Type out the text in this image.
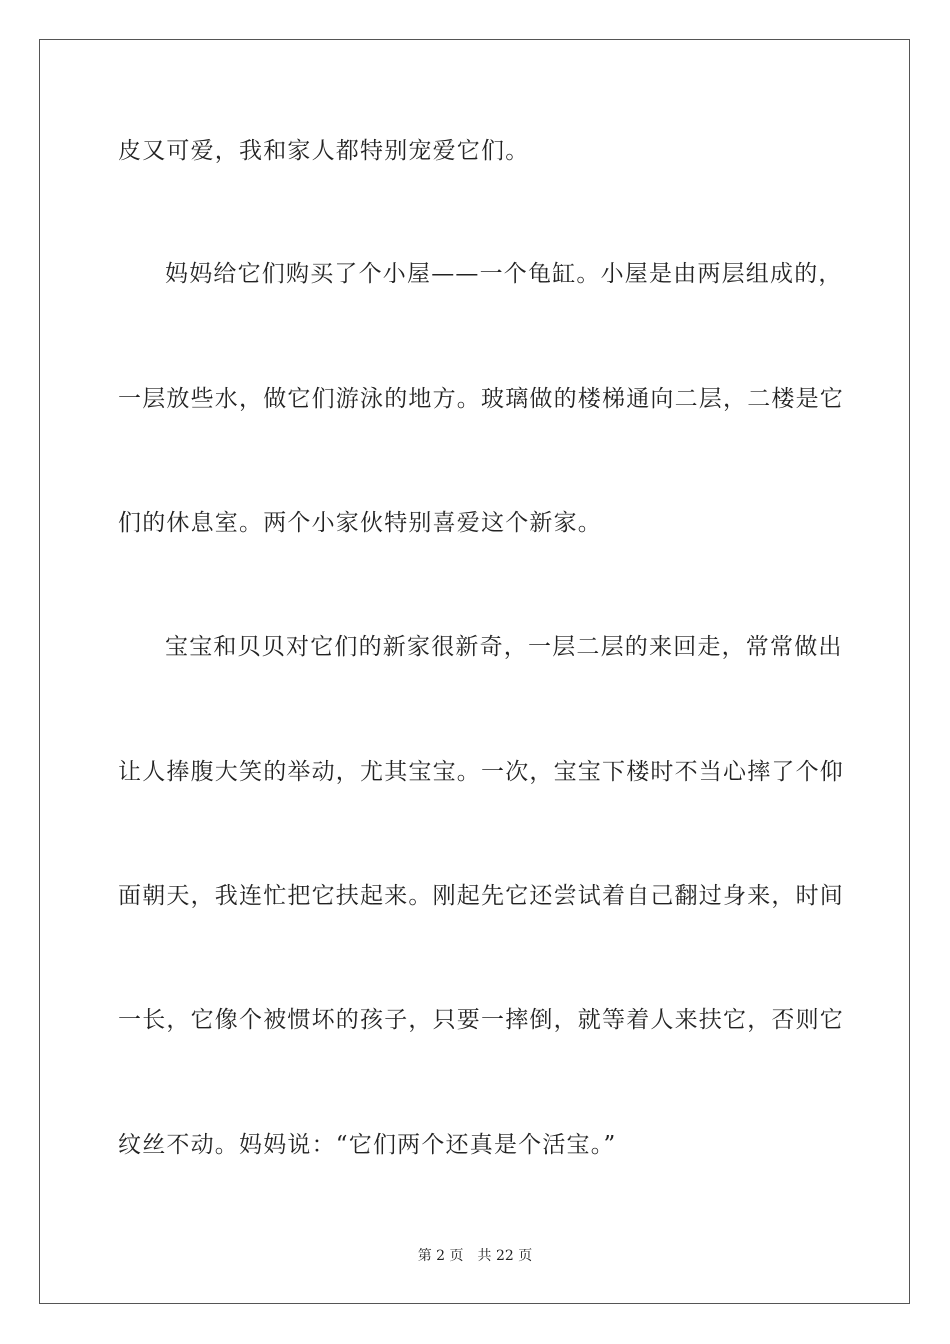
皮又可爱，我和家人都特别宠爱它们。
妈妈给它们购买了个小屋——一个龟缸。小屋是由两层组成的，
一层放些水，做它们游泳的地方。玻璃做的楼梯通向二层，二楼是它
们的休息室。两个小家伙特别喜爱这个新家。
宝宝和贝贝对它们的新家很新奇，一层二层的来回走，常常做出
让人捧腹大笑的举动，尤其宝宝。一次，宝宝下楼时不当心摔了个仰
面朝天，我连忙把它扶起来。刚起先它还尝试着自己翻过身来，时间
一长，它像个被惯坏的孩子，只要一摔倒，就等着人来扶它，否则它
纹丝不动。妈妈说：“它们两个还真是个活宝。”
第 2 页 共 22 页
